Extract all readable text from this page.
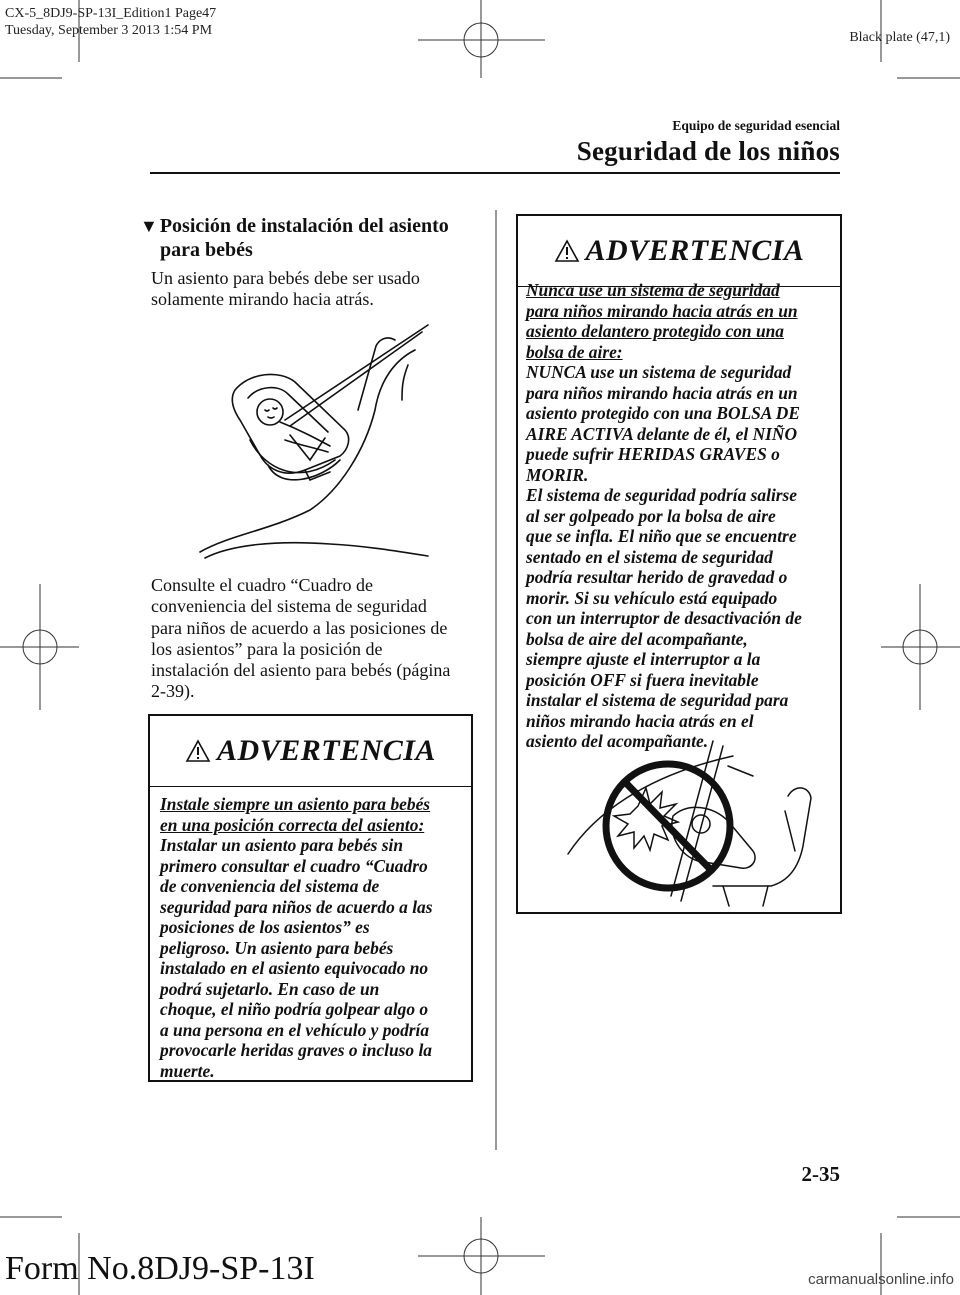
CX-5_8DJ9-SP-13I_Edition1 Page47
Tuesday, September 3 2013 1:54 PM	Black plate (47,1)
Equipo de seguridad esencial
Seguridad de los niños
▼ Posición de instalación del asiento
para bebés
Un asiento para bebés debe ser usado
solamente mirando hacia atrás.
Consulte el cuadro “Cuadro de
conveniencia del sistema de seguridad
para niños de acuerdo a las posiciones de
los asientos” para la posición de
instalación del asiento para bebés (página
2-39).
ADVERTENCIA
Instale siempre un asiento para bebés
en una posición correcta del asiento:
Instalar un asiento para bebés sin
primero consultar el cuadro “Cuadro
de conveniencia del sistema de
seguridad para niños de acuerdo a las
posiciones de los asientos” es
peligroso. Un asiento para bebés
instalado en el asiento equivocado no
podrá sujetarlo. En caso de un
choque, el niño podría golpear algo o
a una persona en el vehículo y podría
provocarle heridas graves o incluso la
muerte.
ADVERTENCIA
Nunca use un sistema de seguridad
para niños mirando hacia atrás en un
asiento delantero protegido con una
bolsa de aire:
NUNCA use un sistema de seguridad
para niños mirando hacia atrás en un
asiento protegido con una BOLSA DE
AIRE ACTIVA delante de él, el NIÑO
puede sufrir HERIDAS GRAVES o
MORIR.
El sistema de seguridad podría salirse
al ser golpeado por la bolsa de aire
que se infla. El niño que se encuentre
sentado en el sistema de seguridad
podría resultar herido de gravedad o
morir. Si su vehículo está equipado
con un interruptor de desactivación de
bolsa de aire del acompañante,
siempre ajuste el interruptor a la
posición OFF si fuera inevitable
instalar el sistema de seguridad para
niños mirando hacia atrás en el
asiento del acompañante.
2-35
Form No.8DJ9-SP-13I	carmanualsonline.info
